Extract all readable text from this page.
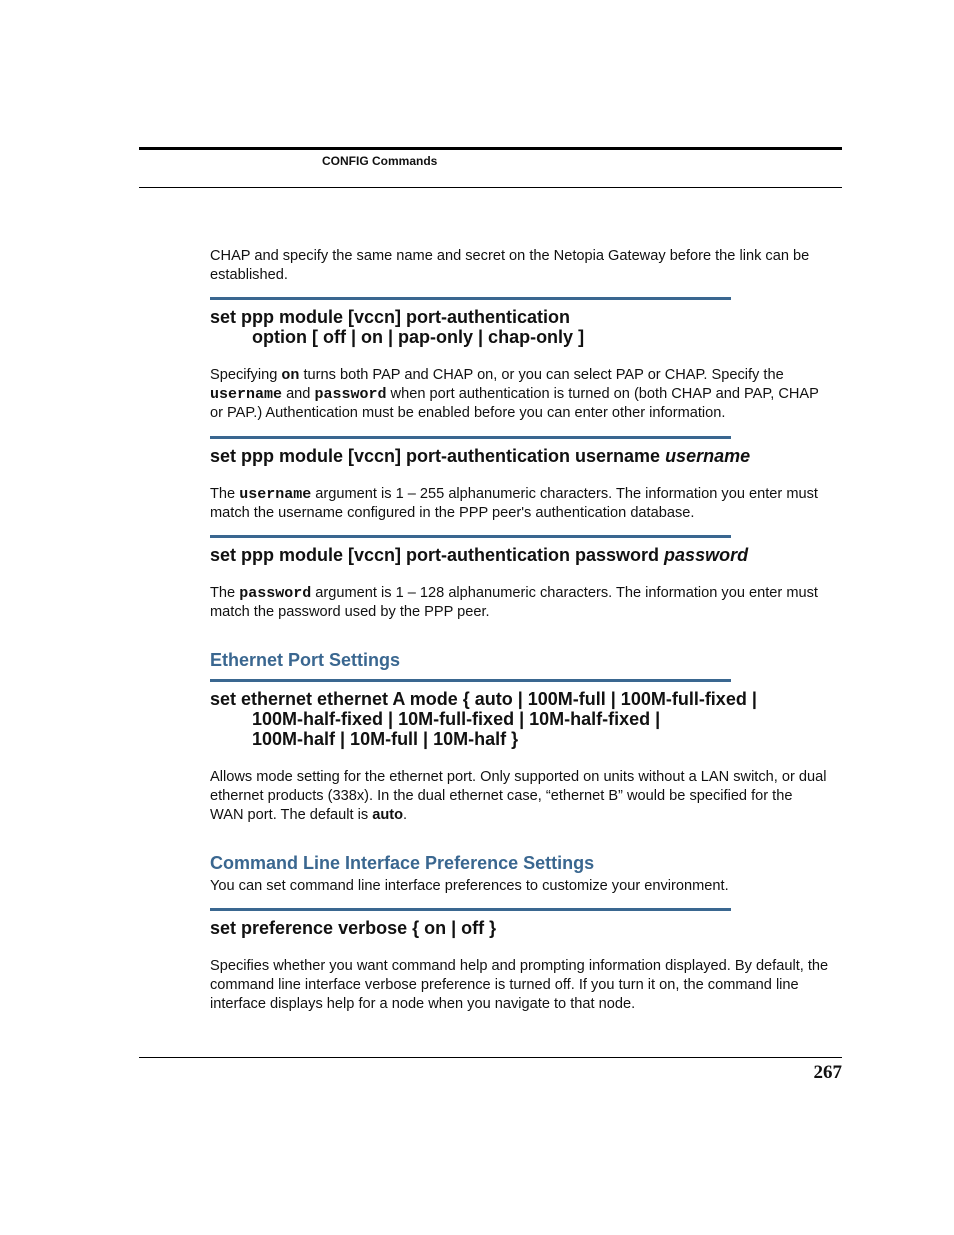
CONFIG Commands

CHAP and specify the same name and secret on the Netopia Gateway before the link can be established.

set ppp module [vccn] port-authentication
option [ off | on | pap-only | chap-only ]

Specifying on turns both PAP and CHAP on, or you can select PAP or CHAP. Specify the username and password when port authentication is turned on (both CHAP and PAP, CHAP or PAP.) Authentication must be enabled before you can enter other information.

set ppp module [vccn] port-authentication username username

The username argument is 1 – 255 alphanumeric characters. The information you enter must match the username configured in the PPP peer's authentication database.

set ppp module [vccn] port-authentication password password

The password argument is 1 – 128 alphanumeric characters. The information you enter must match the password used by the PPP peer.

Ethernet Port Settings
set ethernet ethernet A mode { auto | 100M-full | 100M-full-fixed |
100M-half-fixed | 10M-full-fixed | 10M-half-fixed |
100M-half | 10M-full | 10M-half }

Allows mode setting for the ethernet port. Only supported on units without a LAN switch, or dual ethernet products (338x). In the dual ethernet case, “ethernet B” would be specified for the WAN port. The default is auto.

Command Line Interface Preference Settings

You can set command line interface preferences to customize your environment.

set preference verbose { on | off }

Specifies whether you want command help and prompting information displayed. By default, the command line interface verbose preference is turned off. If you turn it on, the command line interface displays help for a node when you navigate to that node.

267
